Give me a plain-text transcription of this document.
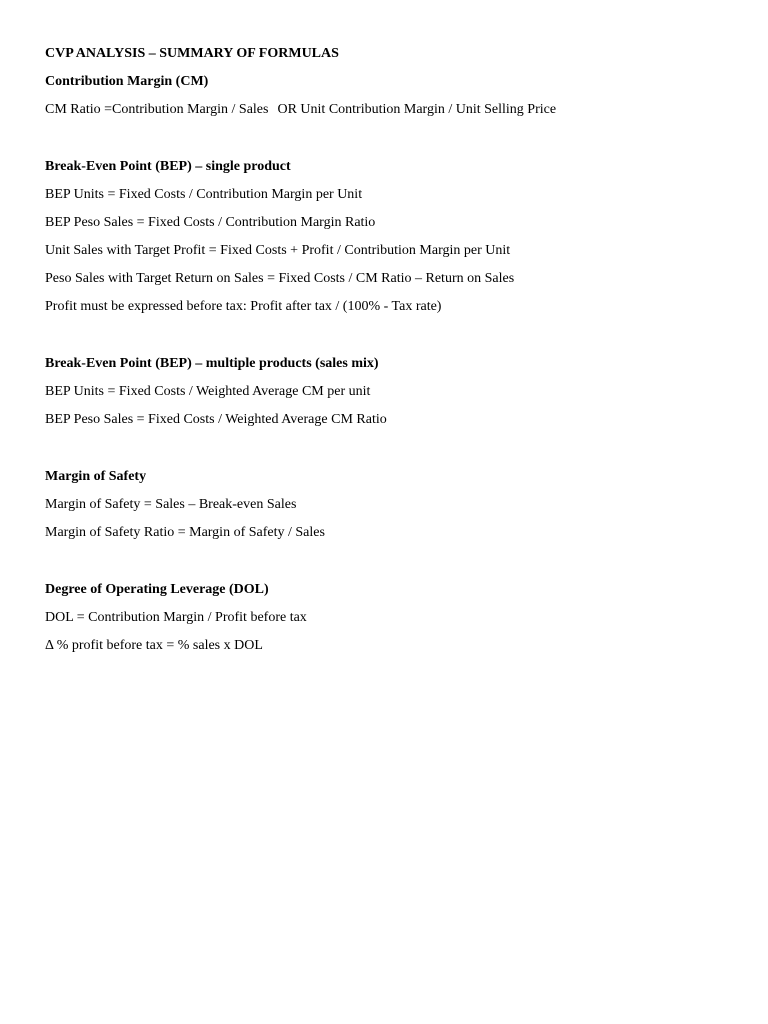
CVP ANALYSIS – SUMMARY OF FORMULAS
Contribution Margin (CM)
CM Ratio =Contribution Margin / Sales OR Unit Contribution Margin / Unit Selling Price
Break-Even Point (BEP) – single product
BEP Units = Fixed Costs / Contribution Margin per Unit
BEP Peso Sales = Fixed Costs / Contribution Margin Ratio
Unit Sales with Target Profit = Fixed Costs + Profit / Contribution Margin per Unit
Peso Sales with Target Return on Sales = Fixed Costs / CM Ratio – Return on Sales
Profit must be expressed before tax: Profit after tax / (100% - Tax rate)
Break-Even Point (BEP) – multiple products (sales mix)
BEP Units = Fixed Costs / Weighted Average CM per unit
BEP Peso Sales = Fixed Costs / Weighted Average CM Ratio
Margin of Safety
Margin of Safety = Sales – Break-even Sales
Margin of Safety Ratio = Margin of Safety / Sales
Degree of Operating Leverage (DOL)
DOL = Contribution Margin / Profit before tax
Δ % profit before tax = % sales x DOL
